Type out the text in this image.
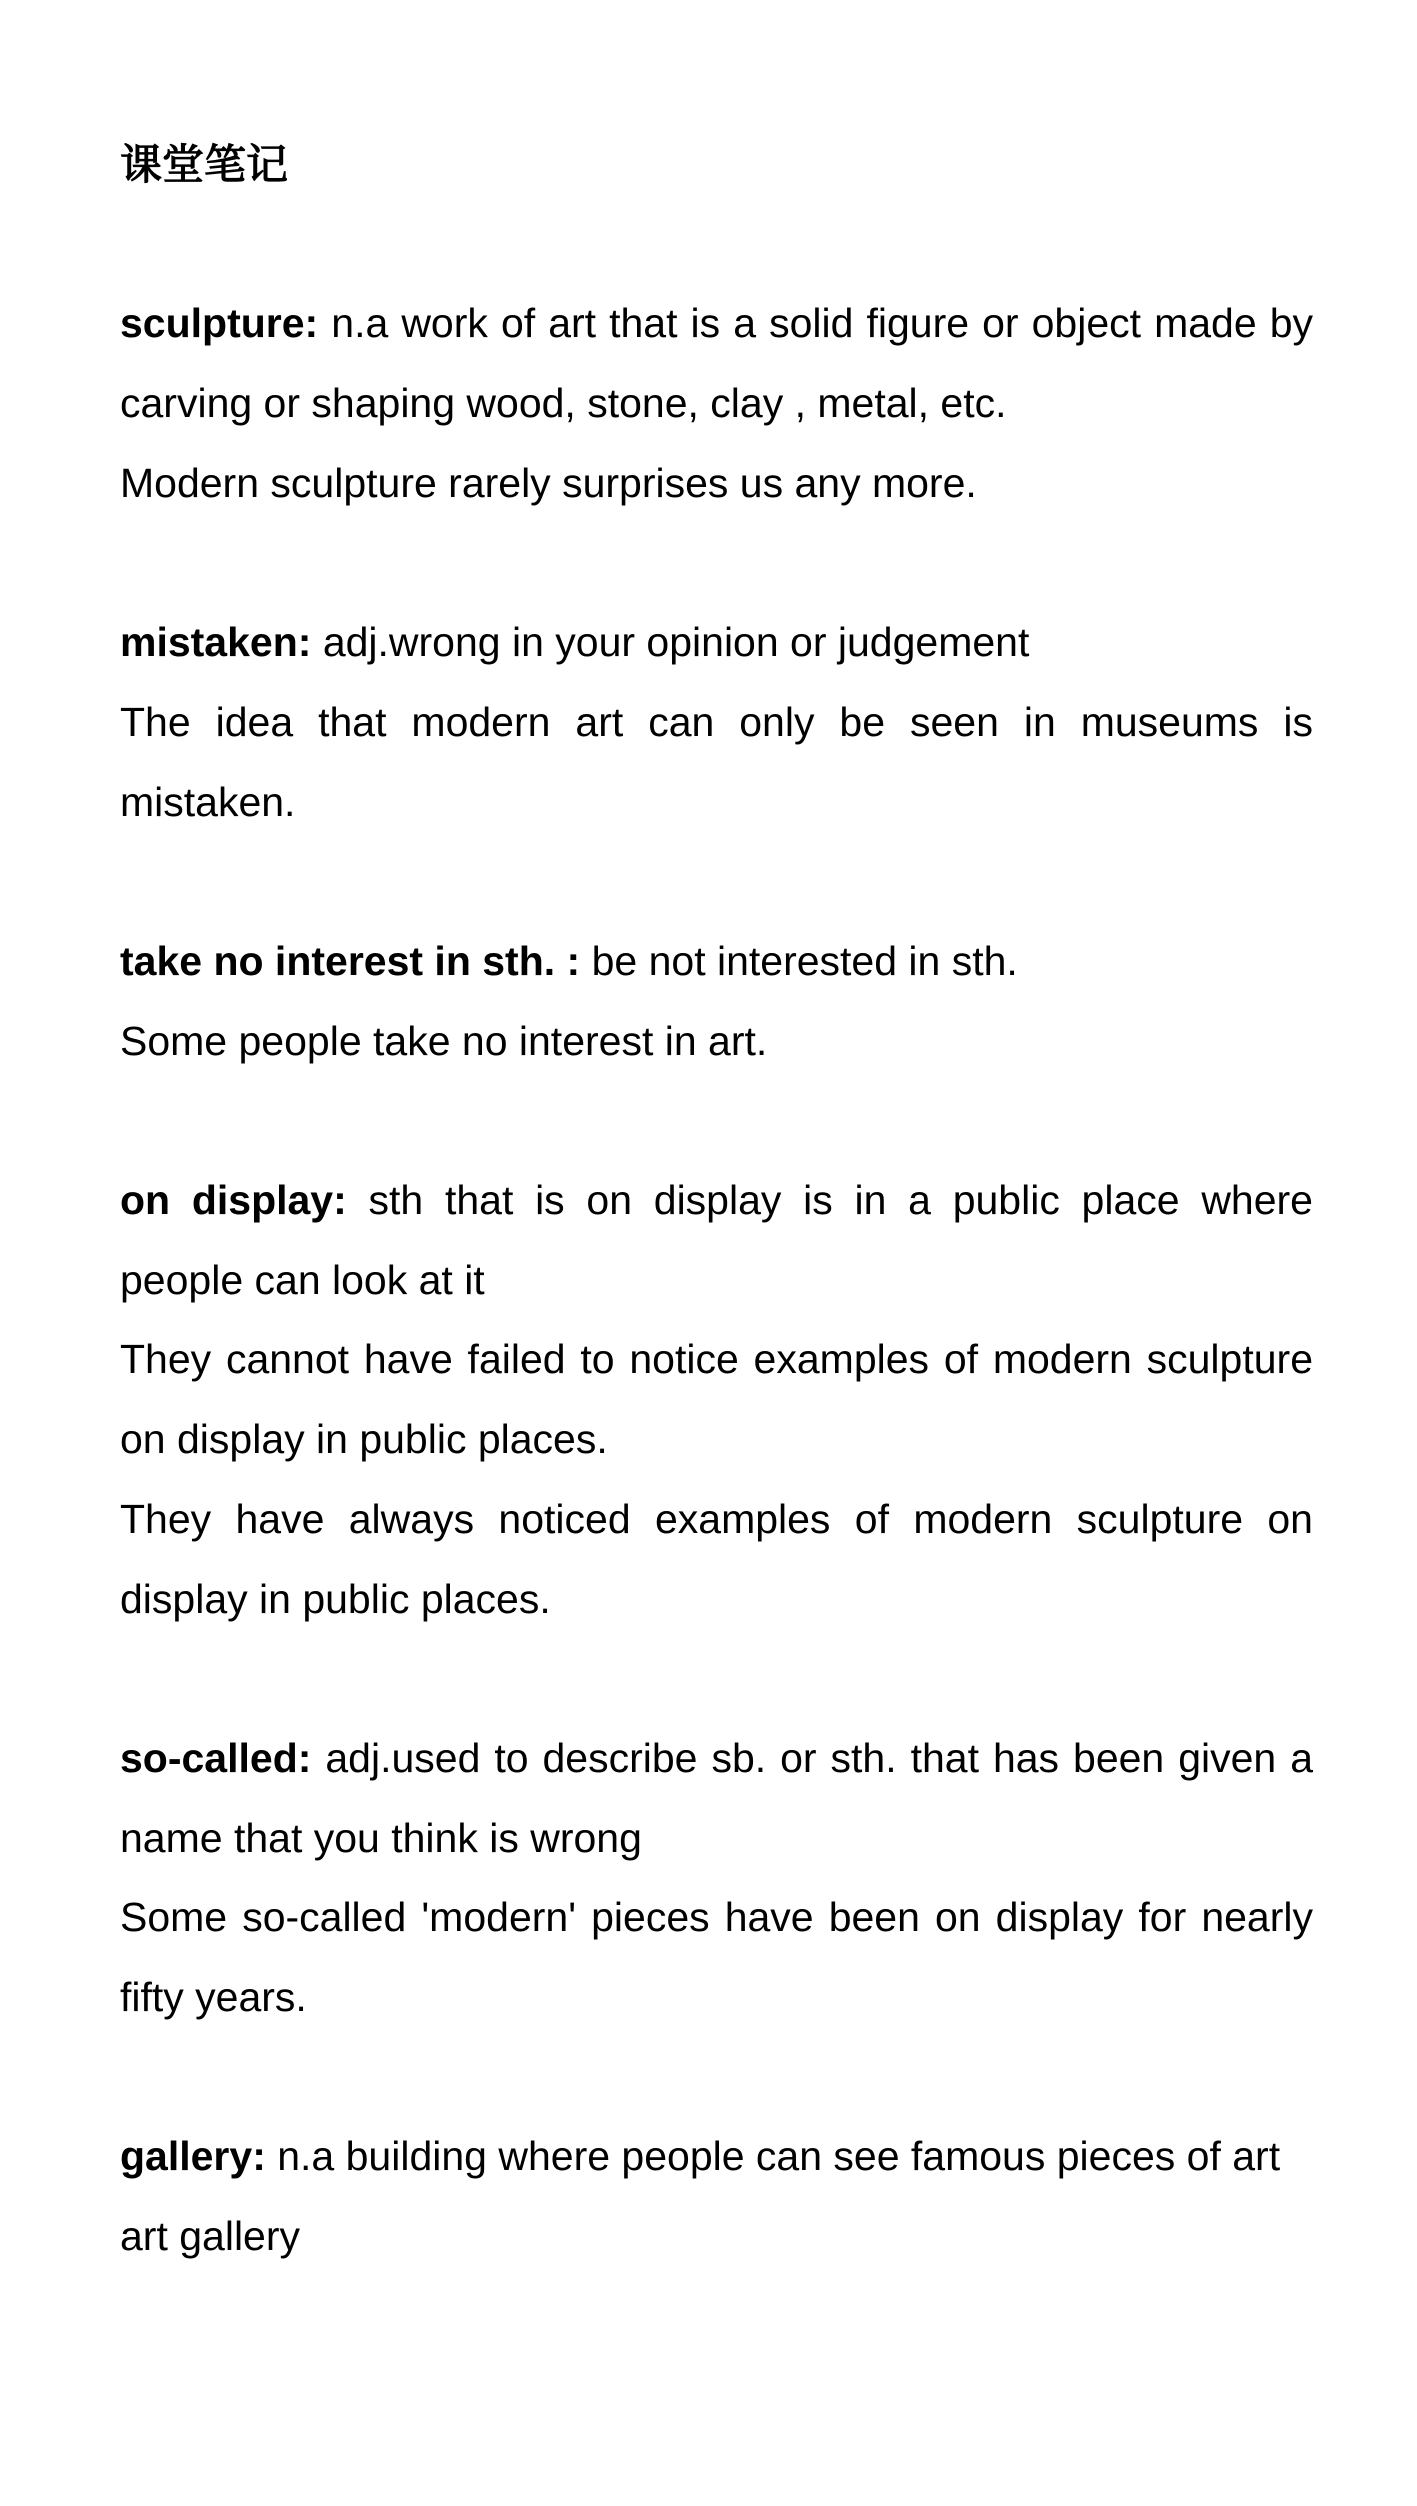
课堂笔记

sculpture: n.a work of art that is a solid figure or object made by carving or shaping wood, stone, clay , metal, etc.

Modern sculpture rarely surprises us any more.

mistaken: adj.wrong in your opinion or judgement

The idea that modern art can only be seen in museums is mistaken.

take no interest in sth. : be not interested in sth.

Some people take no interest in art.

on display: sth that is on display is in a public place where people can look at it

They cannot have failed to notice examples of modern sculpture on display in public places.

They have always noticed examples of modern sculpture on display in public places.

so-called: adj.used to describe sb. or sth. that has been given a name that you think is wrong

Some so-called 'modern' pieces have been on display for nearly fifty years.

gallery: n.a building where people can see famous pieces of art

art gallery
